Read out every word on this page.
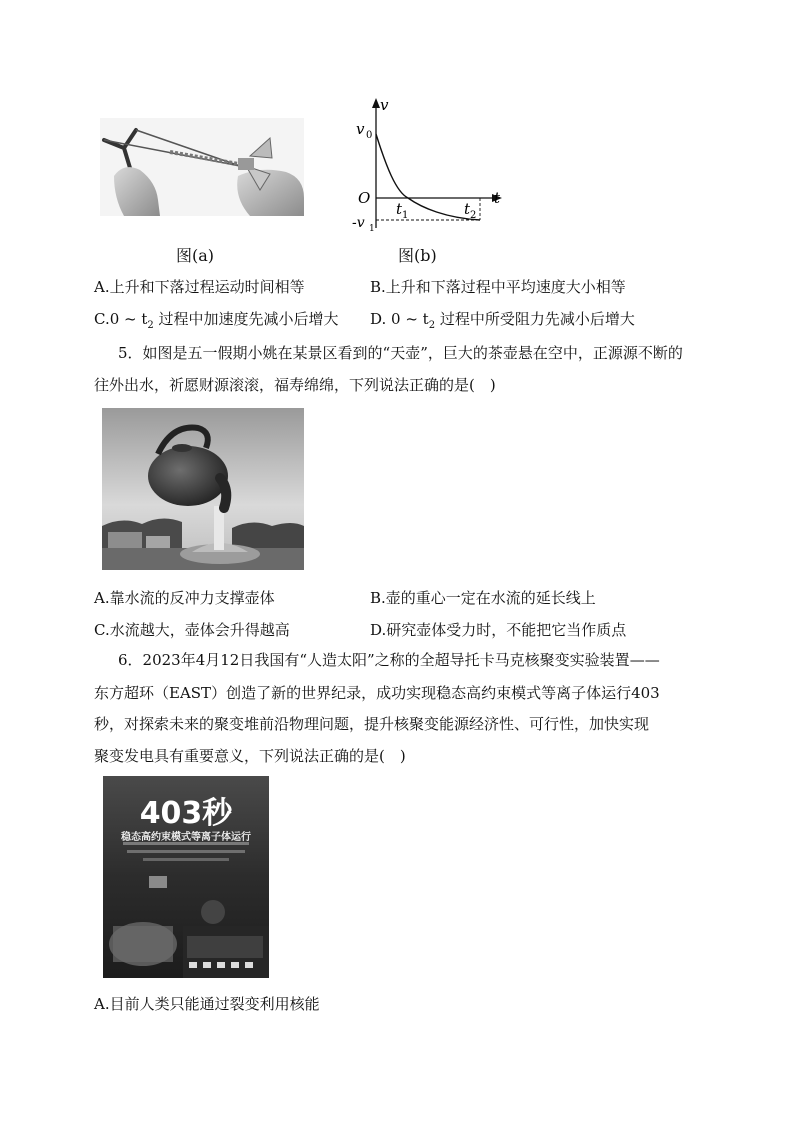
图(a)
v
t
O
v 0
t 1	t 2
-v 1
图(b)
A.上升和下落过程运动时间相等	B.上升和下落过程中平均速度大小相等
C.0 ~ $t_2$ 过程中加速度先减小后增大 D. 0 ~ $t_2$ 过程中所受阻力先减小后增大
5．如图是五一假期小姚在某景区看到的“天壶”，巨大的茶壶悬在空中，正源源不断的
往外出水，祈愿财源滚滚，福寿绵绵，下列说法正确的是(　)
A.靠水流的反冲力支撑壶体	B.壶的重心一定在水流的延长线上
C.水流越大，壶体会升得越高	D.研究壶体受力时，不能把它当作质点
6．2023年4月12日我国有“人造太阳”之称的全超导托卡马克核聚变实验装置——
东方超环（EAST）创造了新的世界纪录，成功实现稳态高约束模式等离子体运行403
秒，对探索未来的聚变堆前沿物理问题，提升核聚变能源经济性、可行性，加快实现
聚变发电具有重要意义，下列说法正确的是(　)
403秒
稳态高约束模式等离子体运行
A.目前人类只能通过裂变利用核能
